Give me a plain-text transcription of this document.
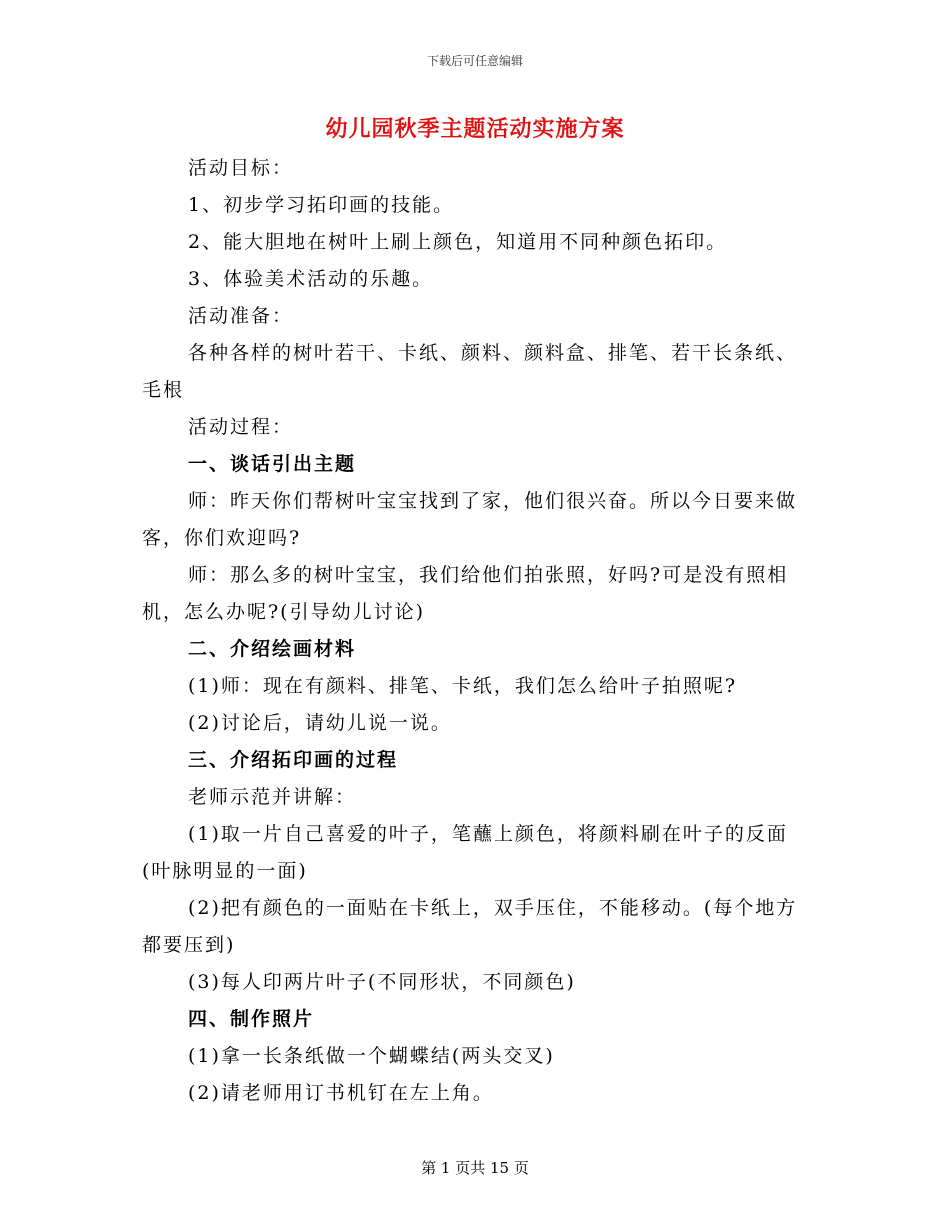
下载后可任意编辑
幼儿园秋季主题活动实施方案

活动目标：

1、初步学习拓印画的技能。

2、能大胆地在树叶上刷上颜色，知道用不同种颜色拓印。

3、体验美术活动的乐趣。

活动准备：

各种各样的树叶若干、卡纸、颜料、颜料盒、排笔、若干长条纸、毛根

活动过程：

一、谈话引出主题

师：昨天你们帮树叶宝宝找到了家，他们很兴奋。所以今日要来做客，你们欢迎吗?

师：那么多的树叶宝宝，我们给他们拍张照，好吗?可是没有照相机，怎么办呢?(引导幼儿讨论)

二、介绍绘画材料

(1)师：现在有颜料、排笔、卡纸，我们怎么给叶子拍照呢?

(2)讨论后，请幼儿说一说。

三、介绍拓印画的过程

老师示范并讲解：

(1)取一片自己喜爱的叶子，笔蘸上颜色，将颜料刷在叶子的反面(叶脉明显的一面)

(2)把有颜色的一面贴在卡纸上，双手压住，不能移动。(每个地方都要压到)

(3)每人印两片叶子(不同形状，不同颜色)

四、制作照片

(1)拿一长条纸做一个蝴蝶结(两头交叉)

(2)请老师用订书机钉在左上角。

第 1 页共 15 页
